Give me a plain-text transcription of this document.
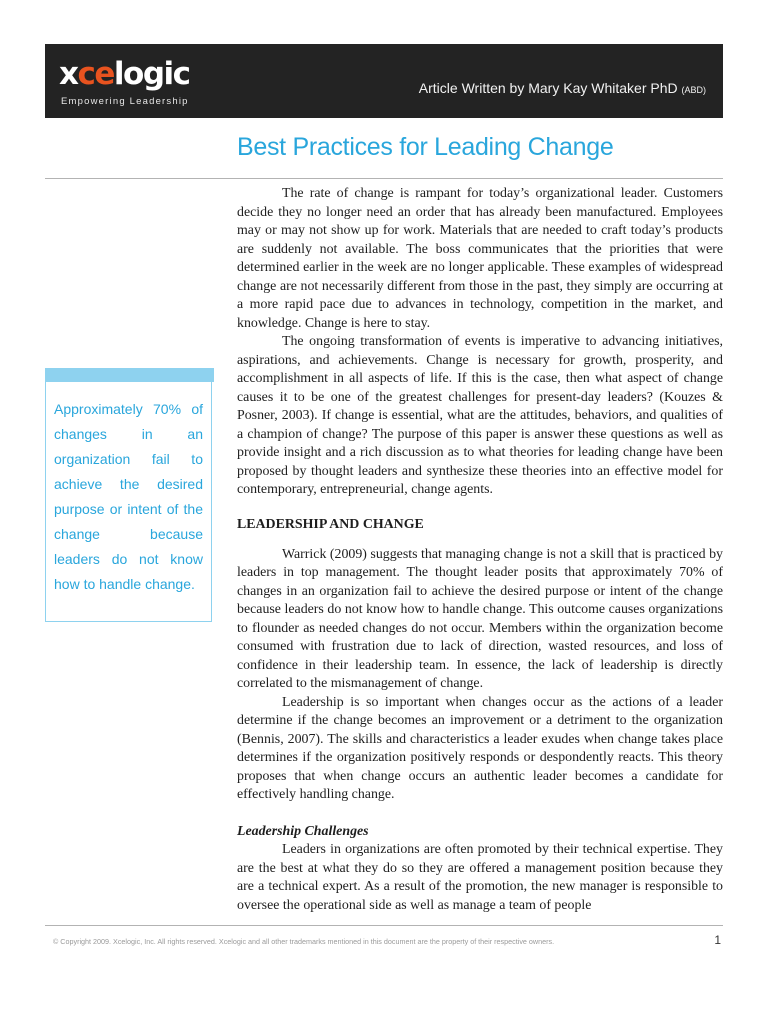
xcelogic
Empowering Leadership
Article Written by Mary Kay Whitaker PhD (ABD)
Best Practices for Leading Change
Approximately 70% of changes in an organization fail to achieve the desired purpose or intent of the change because leaders do not know how to handle change.

The rate of change is rampant for today’s organizational leader. Customers decide they no longer need an order that has already been manufactured. Employees may or may not show up for work. Materials that are needed to craft today’s products are suddenly not available. The boss communicates that the priorities that were determined earlier in the week are no longer applicable. These examples of widespread change are not necessarily different from those in the past, they simply are occurring at a more rapid pace due to advances in technology, competition in the market, and knowledge. Change is here to stay.

The ongoing transformation of events is imperative to advancing initiatives, aspirations, and achievements. Change is necessary for growth, prosperity, and accomplishment in all aspects of life. If this is the case, then what aspect of change causes it to be one of the greatest challenges for present-day leaders? (Kouzes & Posner, 2003). If change is essential, what are the attitudes, behaviors, and qualities of a champion of change? The purpose of this paper is answer these questions as well as provide insight and a rich discussion as to what theories for leading change have been proposed by thought leaders and synthesize these theories into an effective model for contemporary, entrepreneurial, change agents.

LEADERSHIP AND CHANGE

Warrick (2009) suggests that managing change is not a skill that is practiced by leaders in top management. The thought leader posits that approximately 70% of changes in an organization fail to achieve the desired purpose or intent of the change because leaders do not know how to handle change. This outcome causes organizations to flounder as needed changes do not occur. Members within the organization become consumed with frustration due to lack of direction, wasted resources, and loss of confidence in their leadership team. In essence, the lack of leadership is directly correlated to the mismanagement of change.

Leadership is so important when changes occur as the actions of a leader determine if the change becomes an improvement or a detriment to the organization (Bennis, 2007). The skills and characteristics a leader exudes when change takes place determines if the organization positively responds or despondently reacts. This theory proposes that when change occurs an authentic leader becomes a candidate for effectively handling change.

Leadership Challenges

Leaders in organizations are often promoted by their technical expertise. They are the best at what they do so they are offered a management position because they are a technical expert. As a result of the promotion, the new manager is responsible to oversee the operational side as well as manage a team of people

© Copyright 2009. Xcelogic, Inc. All rights reserved. Xcelogic and all other trademarks mentioned in this document are the property of their respective owners.	1
